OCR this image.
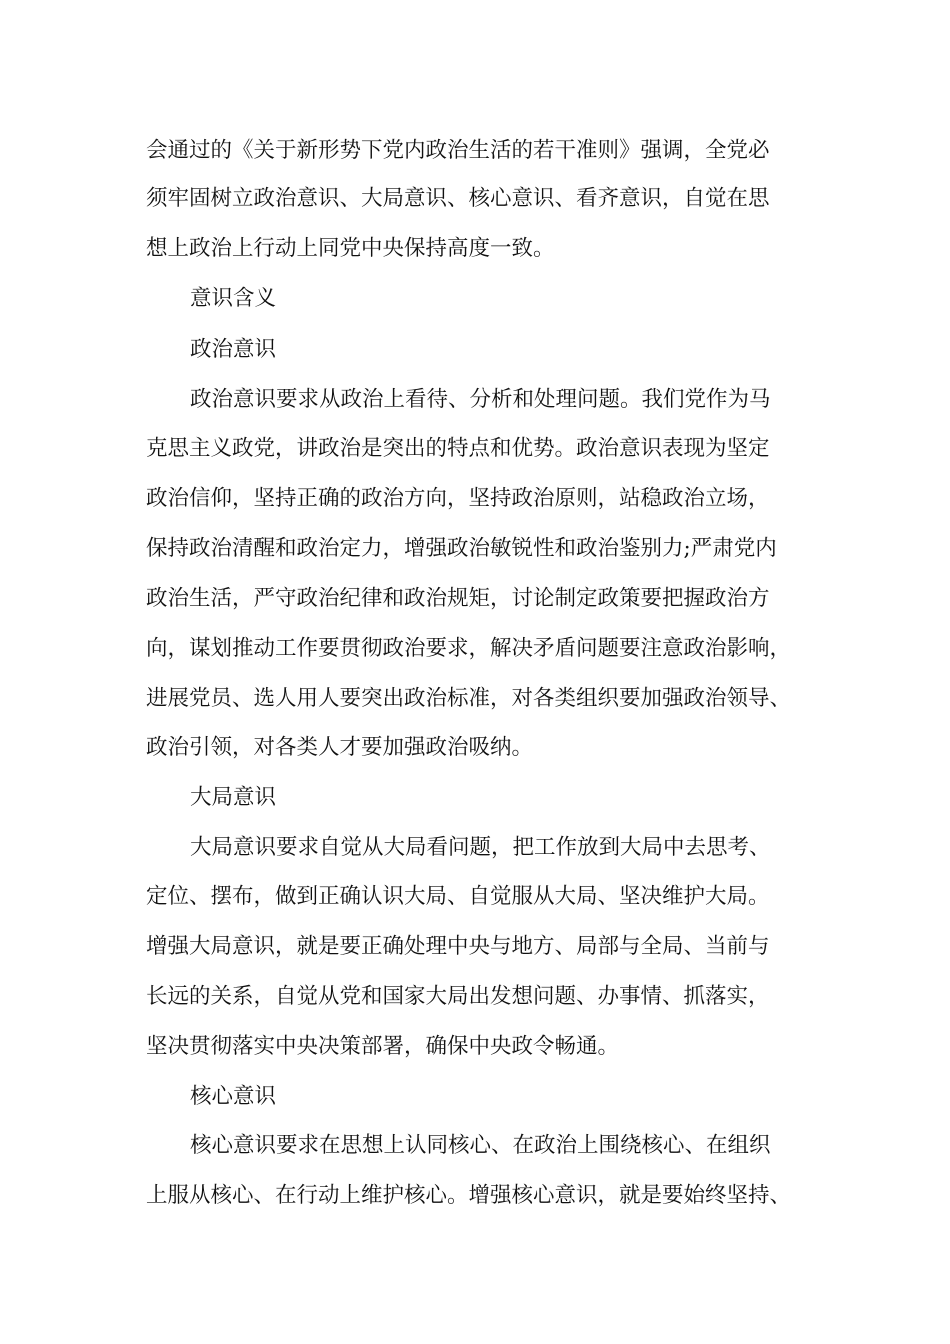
会通过的《关于新形势下党内政治生活的若干准则》强调，全党必

须牢固树立政治意识、大局意识、核心意识、看齐意识，自觉在思

想上政治上行动上同党中央保持高度一致。

意识含义

政治意识

政治意识要求从政治上看待、分析和处理问题。我们党作为马

克思主义政党，讲政治是突出的特点和优势。政治意识表现为坚定

政治信仰，坚持正确的政治方向，坚持政治原则，站稳政治立场，

保持政治清醒和政治定力，增强政治敏锐性和政治鉴别力;严肃党内

政治生活，严守政治纪律和政治规矩，讨论制定政策要把握政治方

向，谋划推动工作要贯彻政治要求，解决矛盾问题要注意政治影响，

进展党员、选人用人要突出政治标准，对各类组织要加强政治领导、

政治引领，对各类人才要加强政治吸纳。

大局意识

大局意识要求自觉从大局看问题，把工作放到大局中去思考、

定位、摆布，做到正确认识大局、自觉服从大局、坚决维护大局。

增强大局意识，就是要正确处理中央与地方、局部与全局、当前与

长远的关系，自觉从党和国家大局出发想问题、办事情、抓落实，

坚决贯彻落实中央决策部署，确保中央政令畅通。

核心意识

核心意识要求在思想上认同核心、在政治上围绕核心、在组织

上服从核心、在行动上维护核心。增强核心意识，就是要始终坚持、
